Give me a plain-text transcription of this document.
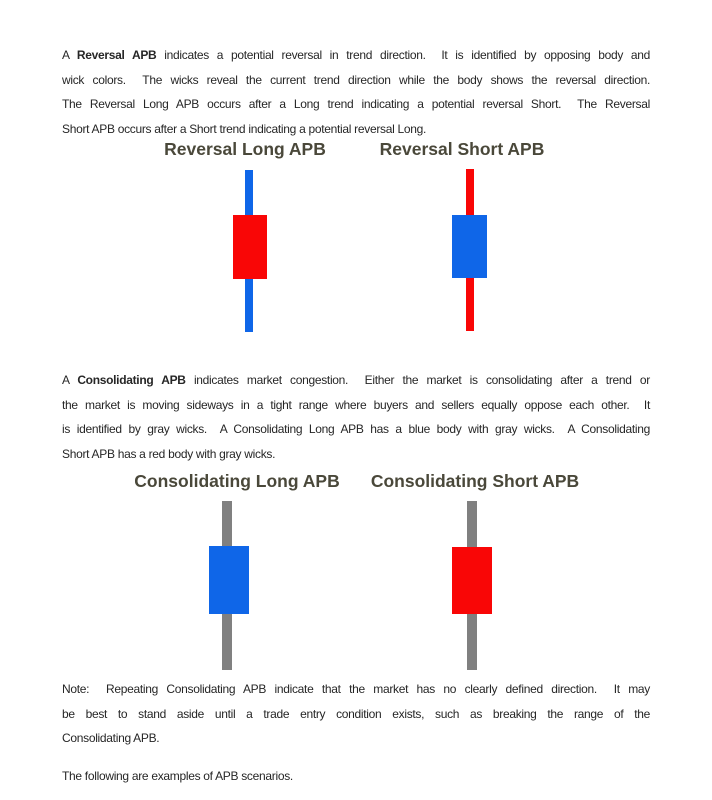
A Reversal APB indicates a potential reversal in trend direction.  It is identified by opposing body and
wick colors.  The wicks reveal the current trend direction while the body shows the reversal direction.
The Reversal Long APB occurs after a Long trend indicating a potential reversal Short.  The Reversal
Short APB occurs after a Short trend indicating a potential reversal Long.
Reversal Long APB	Reversal Short APB
A Consolidating APB indicates market congestion.  Either the market is consolidating after a trend or
the market is moving sideways in a tight range where buyers and sellers equally oppose each other.  It
is identified by gray wicks.  A Consolidating Long APB has a blue body with gray wicks.  A Consolidating
Short APB has a red body with gray wicks.
Consolidating Long APB Consolidating Short APB
Note:  Repeating Consolidating APB indicate that the market has no clearly defined direction.  It may
be best to stand aside until a trade entry condition exists, such as breaking the range of the
Consolidating APB.
The following are examples of APB scenarios.
